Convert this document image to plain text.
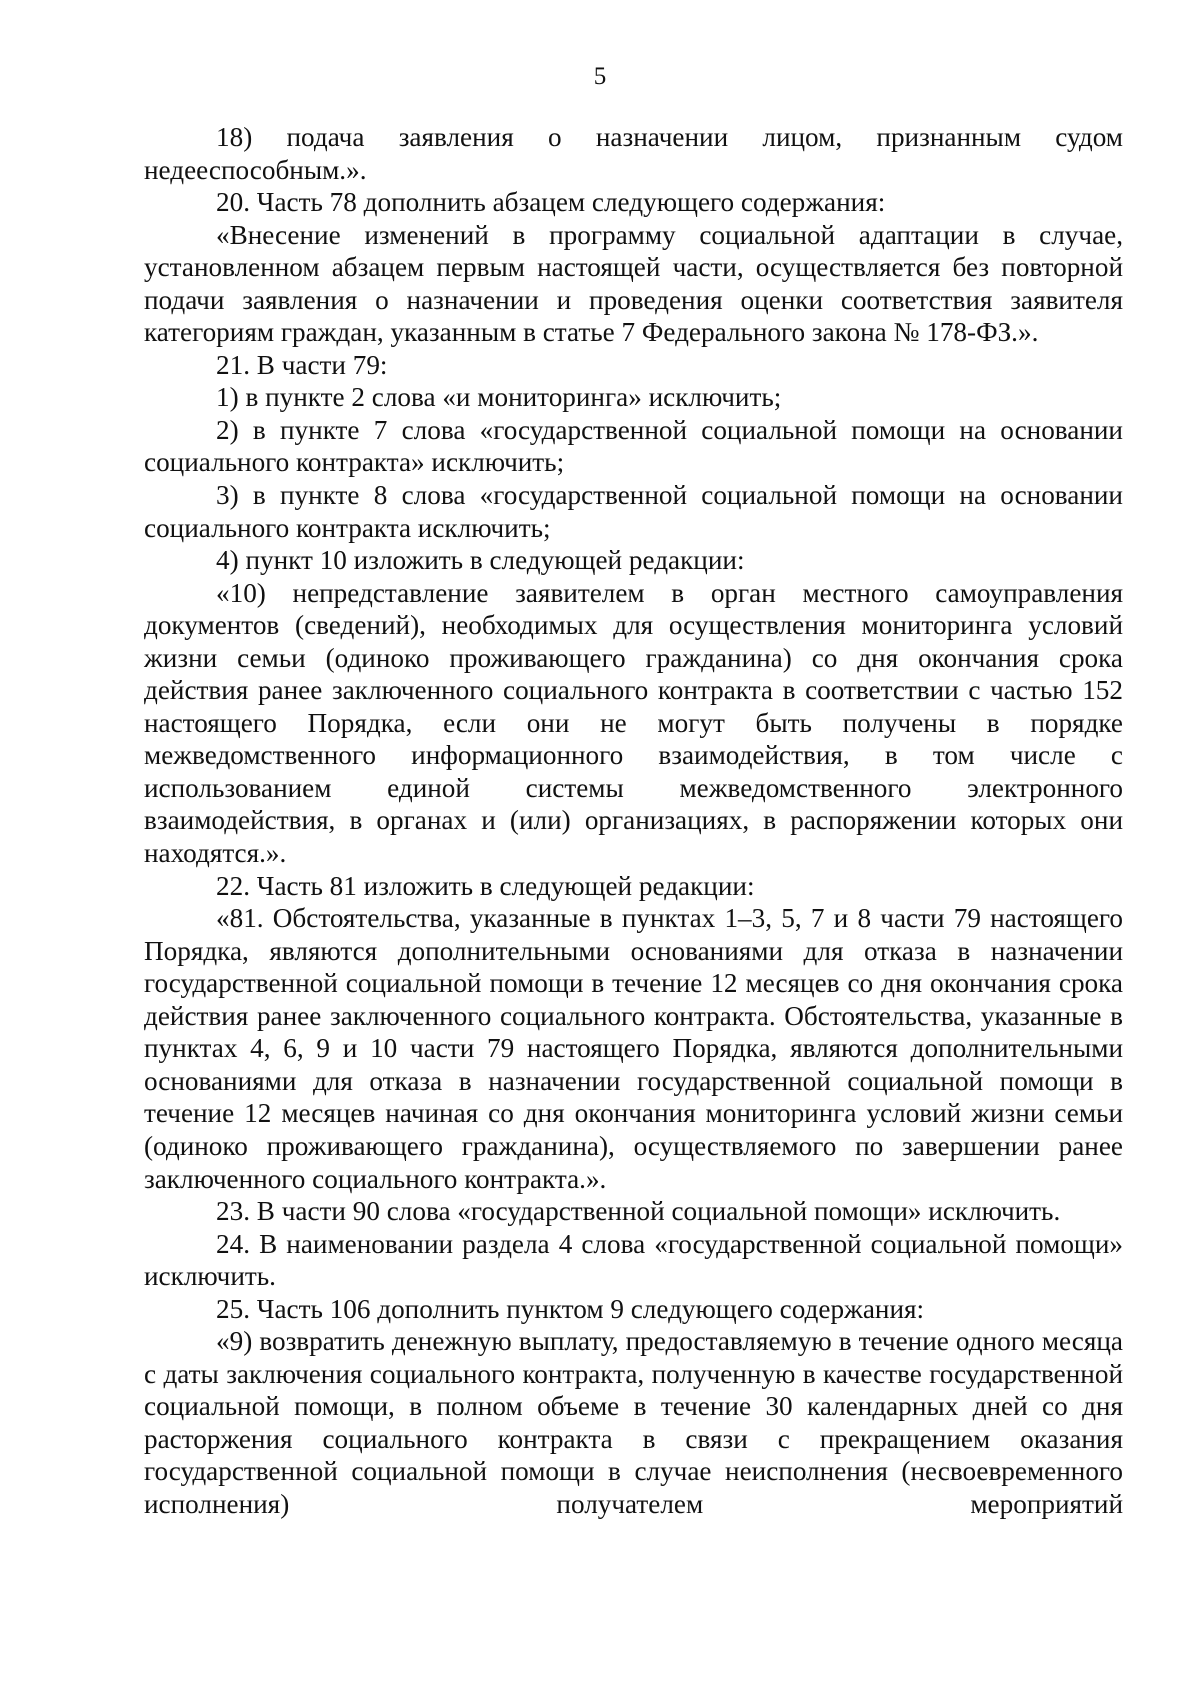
5

18) подача заявления о назначении лицом, признанным судом недееспособным.».

20. Часть 78 дополнить абзацем следующего содержания:

«Внесение изменений в программу социальной адаптации в случае, установленном абзацем первым настоящей части, осуществляется без повторной подачи заявления о назначении и проведения оценки соответствия заявителя категориям граждан, указанным в статье 7 Федерального закона № 178-ФЗ.».

21. В части 79:

1) в пункте 2 слова «и мониторинга» исключить;

2) в пункте 7 слова «государственной социальной помощи на основании социального контракта» исключить;

3) в пункте 8 слова «государственной социальной помощи на основании социального контракта исключить;

4) пункт 10 изложить в следующей редакции:

«10) непредставление заявителем в орган местного самоуправления документов (сведений), необходимых для осуществления мониторинга условий жизни семьи (одиноко проживающего гражданина) со дня окончания срока действия ранее заключенного социального контракта в соответствии с частью 152 настоящего Порядка, если они не могут быть получены в порядке межведомственного информационного взаимодействия, в том числе с использованием единой системы межведомственного электронного взаимодействия, в органах и (или) организациях, в распоряжении которых они находятся.».

22. Часть 81 изложить в следующей редакции:

«81. Обстоятельства, указанные в пунктах 1–3, 5, 7 и 8 части 79 настоящего Порядка, являются дополнительными основаниями для отказа в назначении государственной социальной помощи в течение 12 месяцев со дня окончания срока действия ранее заключенного социального контракта. Обстоятельства, указанные в пунктах 4, 6, 9 и 10 части 79 настоящего Порядка, являются дополнительными основаниями для отказа в назначении государственной социальной помощи в течение 12 месяцев начиная со дня окончания мониторинга условий жизни семьи (одиноко проживающего гражданина), осуществляемого по завершении ранее заключенного социального контракта.».

23. В части 90 слова «государственной социальной помощи» исключить.

24. В наименовании раздела 4 слова «государственной социальной помощи» исключить.

25. Часть 106 дополнить пунктом 9 следующего содержания:

«9) возвратить денежную выплату, предоставляемую в течение одного месяца с даты заключения социального контракта, полученную в качестве государственной социальной помощи, в полном объеме в течение 30 календарных дней со дня расторжения социального контракта в связи с прекращением оказания государственной социальной помощи в случае неисполнения (несвоевременного исполнения) получателем мероприятий
